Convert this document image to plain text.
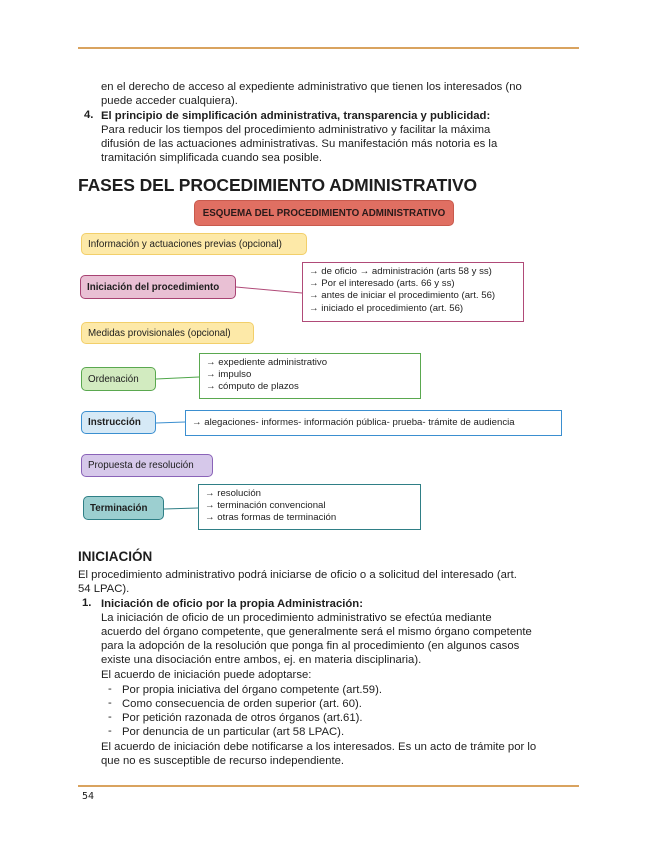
en el derecho de acceso al expediente administrativo que tienen los interesados (no

puede acceder cualquiera).

4. El principio de simplificación administrativa, transparencia y publicidad:

Para reducir los tiempos del procedimiento administrativo y facilitar la máxima

difusión de las actuaciones administrativas. Su manifestación más notoria es la

tramitación simplificada cuando sea posible.

FASES DEL PROCEDIMIENTO ADMINISTRATIVO
ESQUEMA DEL PROCEDIMIENTO ADMINISTRATIVO
Información y actuaciones previas (opcional)
Iniciación del procedimiento
Medidas provisionales (opcional)
Ordenación
Instrucción
Propuesta de resolución
Terminación
→ de oficio → administración (arts 58 y ss)
→ Por el interesado (arts. 66 y ss)
→ antes de iniciar el procedimiento (art. 56)
→ iniciado el procedimiento (art. 56)
→ expediente administrativo
→ impulso
→ cómputo de plazos
→ alegaciones- informes- información pública- prueba- trámite de audiencia
→ resolución
→ terminación convencional
→ otras formas de terminación
INICIACIÓN

El procedimiento administrativo podrá iniciarse de oficio o a solicitud del interesado (art.

54 LPAC).

1. Iniciación de oficio por la propia Administración:

La iniciación de oficio de un procedimiento administrativo se efectúa mediante

acuerdo del órgano competente, que generalmente será el mismo órgano competente

para la adopción de la resolución que ponga fin al procedimiento (en algunos casos

existe una disociación entre ambos, ej. en materia disciplinaria).

El acuerdo de iniciación puede adoptarse:

- Por propia iniciativa del órgano competente (art.59).

- Como consecuencia de orden superior (art. 60).

- Por petición razonada de otros órganos (art.61).

- Por denuncia de un particular (art 58 LPAC).

El acuerdo de iniciación debe notificarse a los interesados. Es un acto de trámite por lo

que no es susceptible de recurso independiente.

54
